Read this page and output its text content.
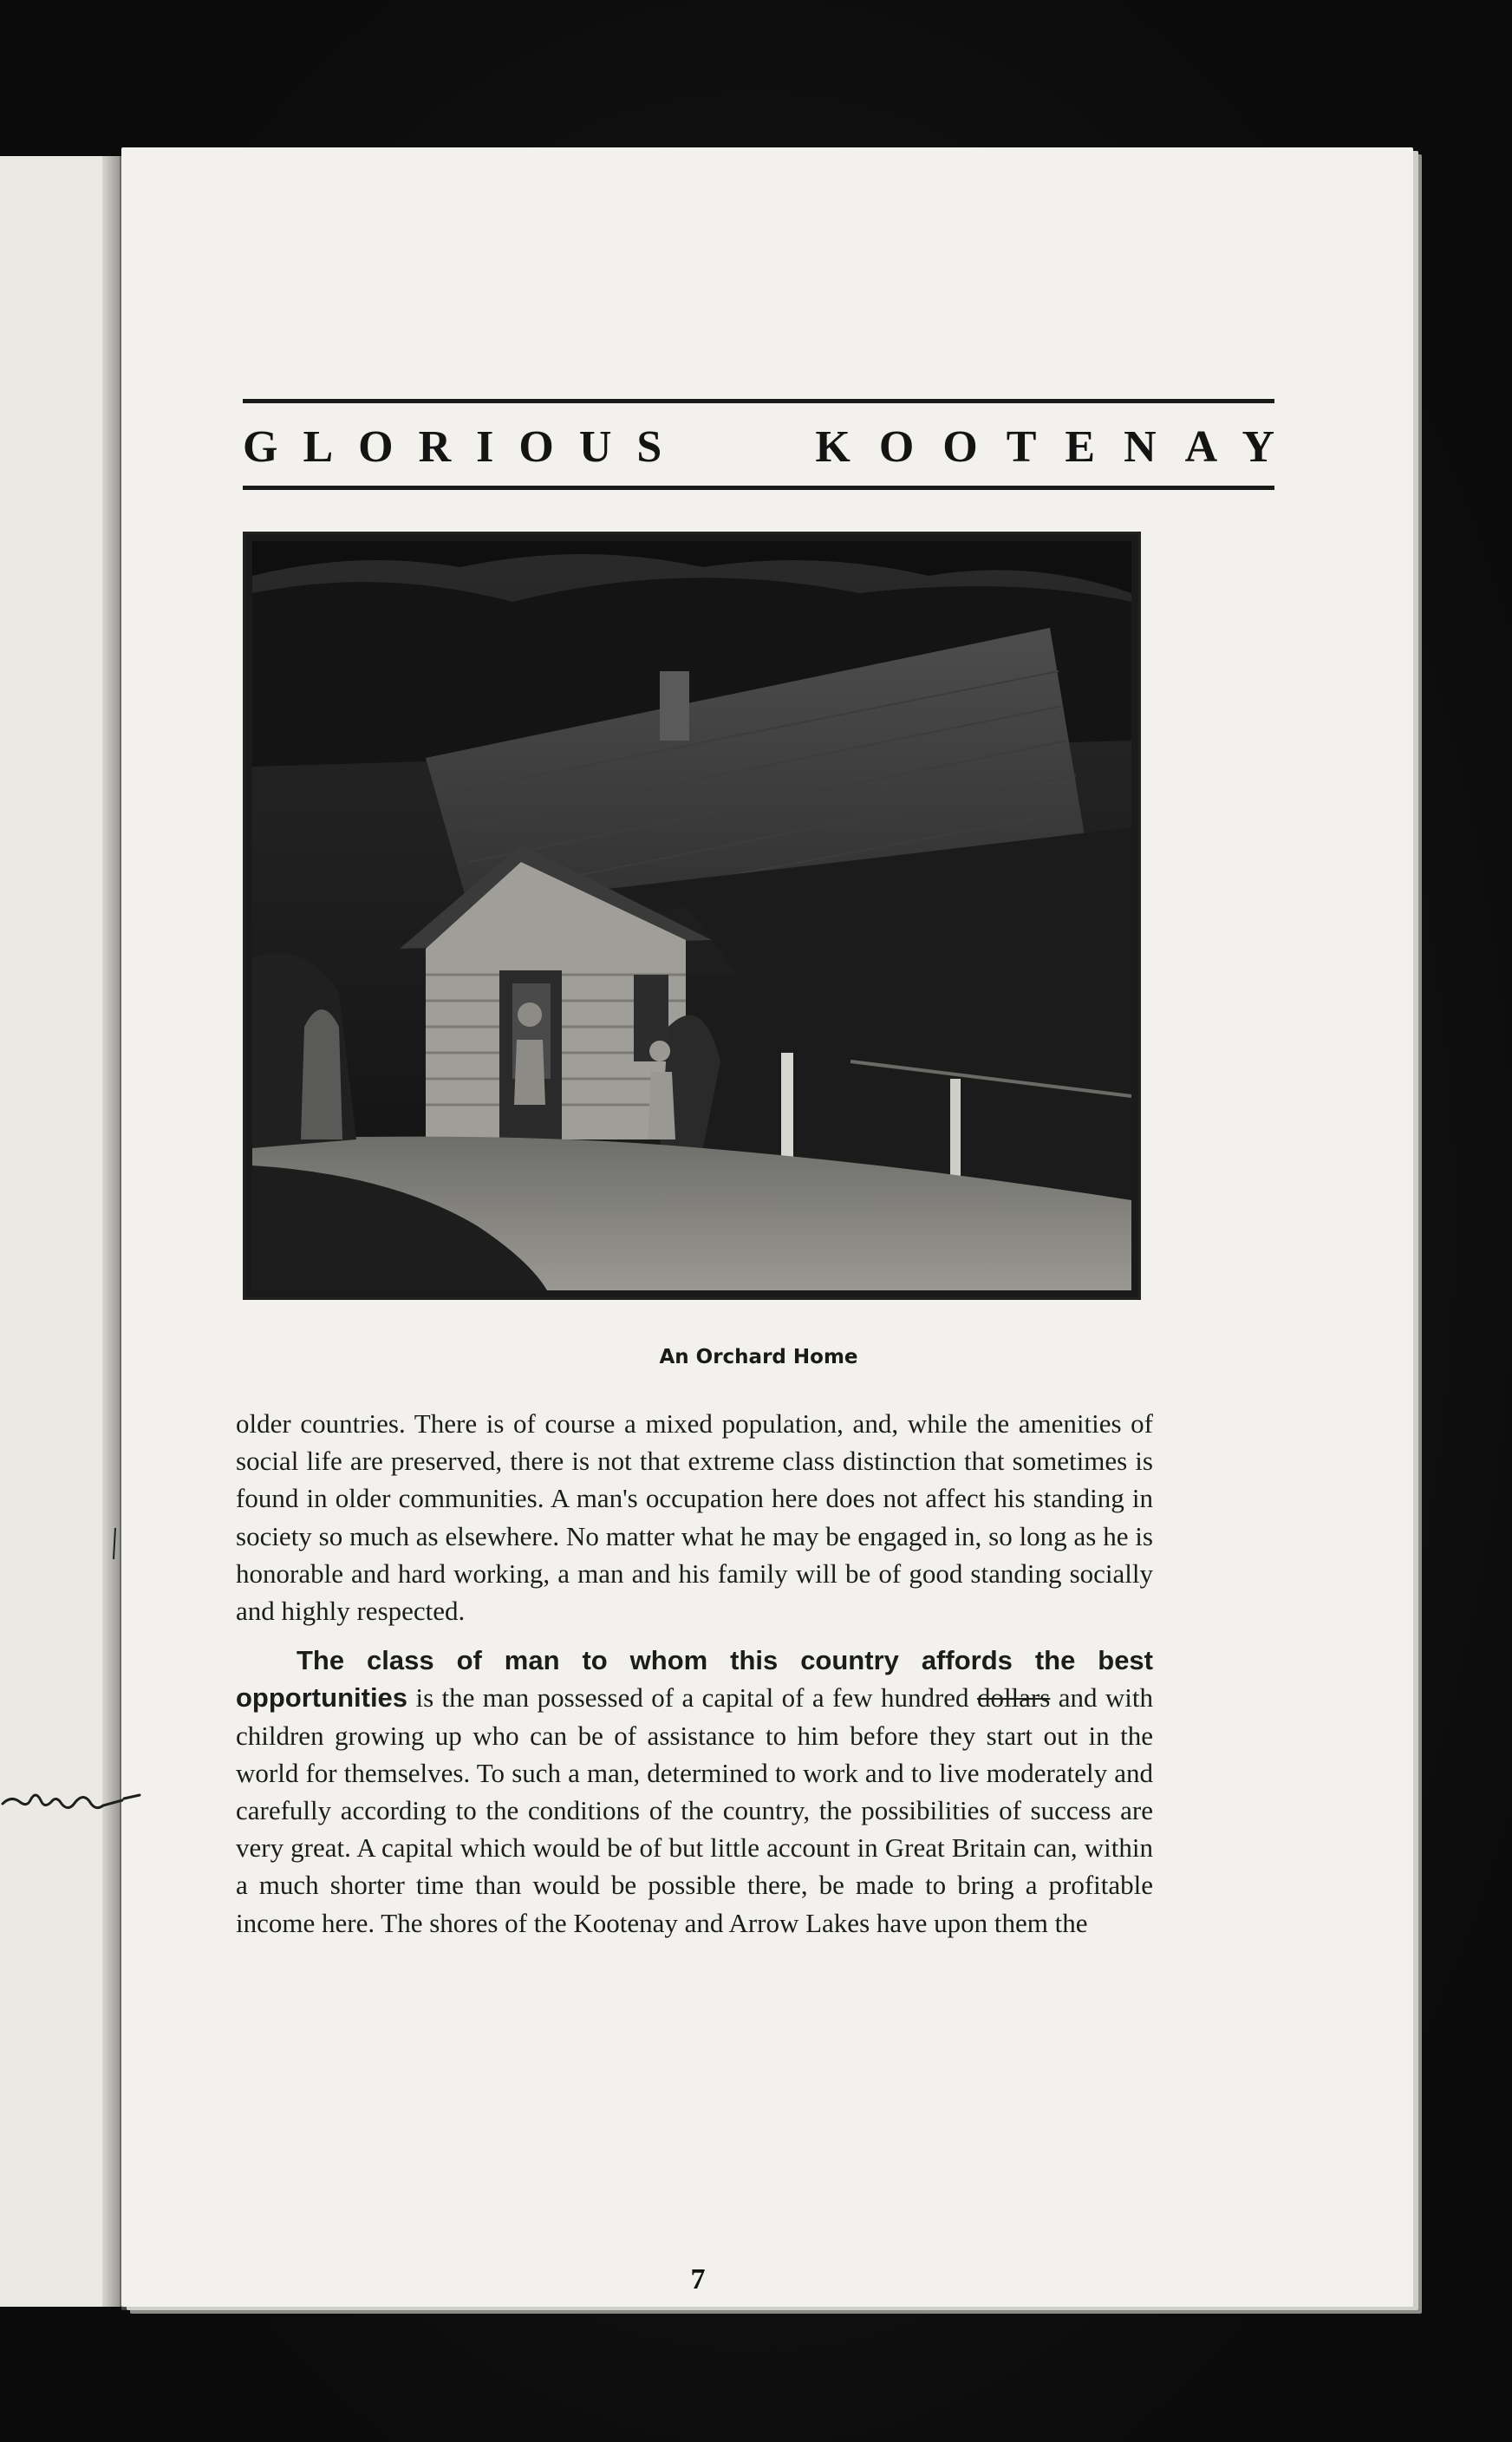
GLORIOUS	KOOTENAY
An Orchard Home

older countries. There is of course a mixed population, and, while the amenities of social life are preserved, there is not that extreme class distinction that sometimes is found in older communities. A man's occupation here does not affect his standing in society so much as elsewhere. No matter what he may be engaged in, so long as he is honorable and hard working, a man and his family will be of good standing socially and highly respected.

The class of man to whom this country affords the best opportunities is the man possessed of a capital of a few hundred dollars and with children growing up who can be of assistance to him before they start out in the world for themselves. To such a man, determined to work and to live moderately and carefully according to the conditions of the country, the possibilities of success are very great. A capital which would be of but little account in Great Britain can, within a much shorter time than would be possible there, be made to bring a profitable income here. The shores of the Kootenay and Arrow Lakes have upon them the

7
